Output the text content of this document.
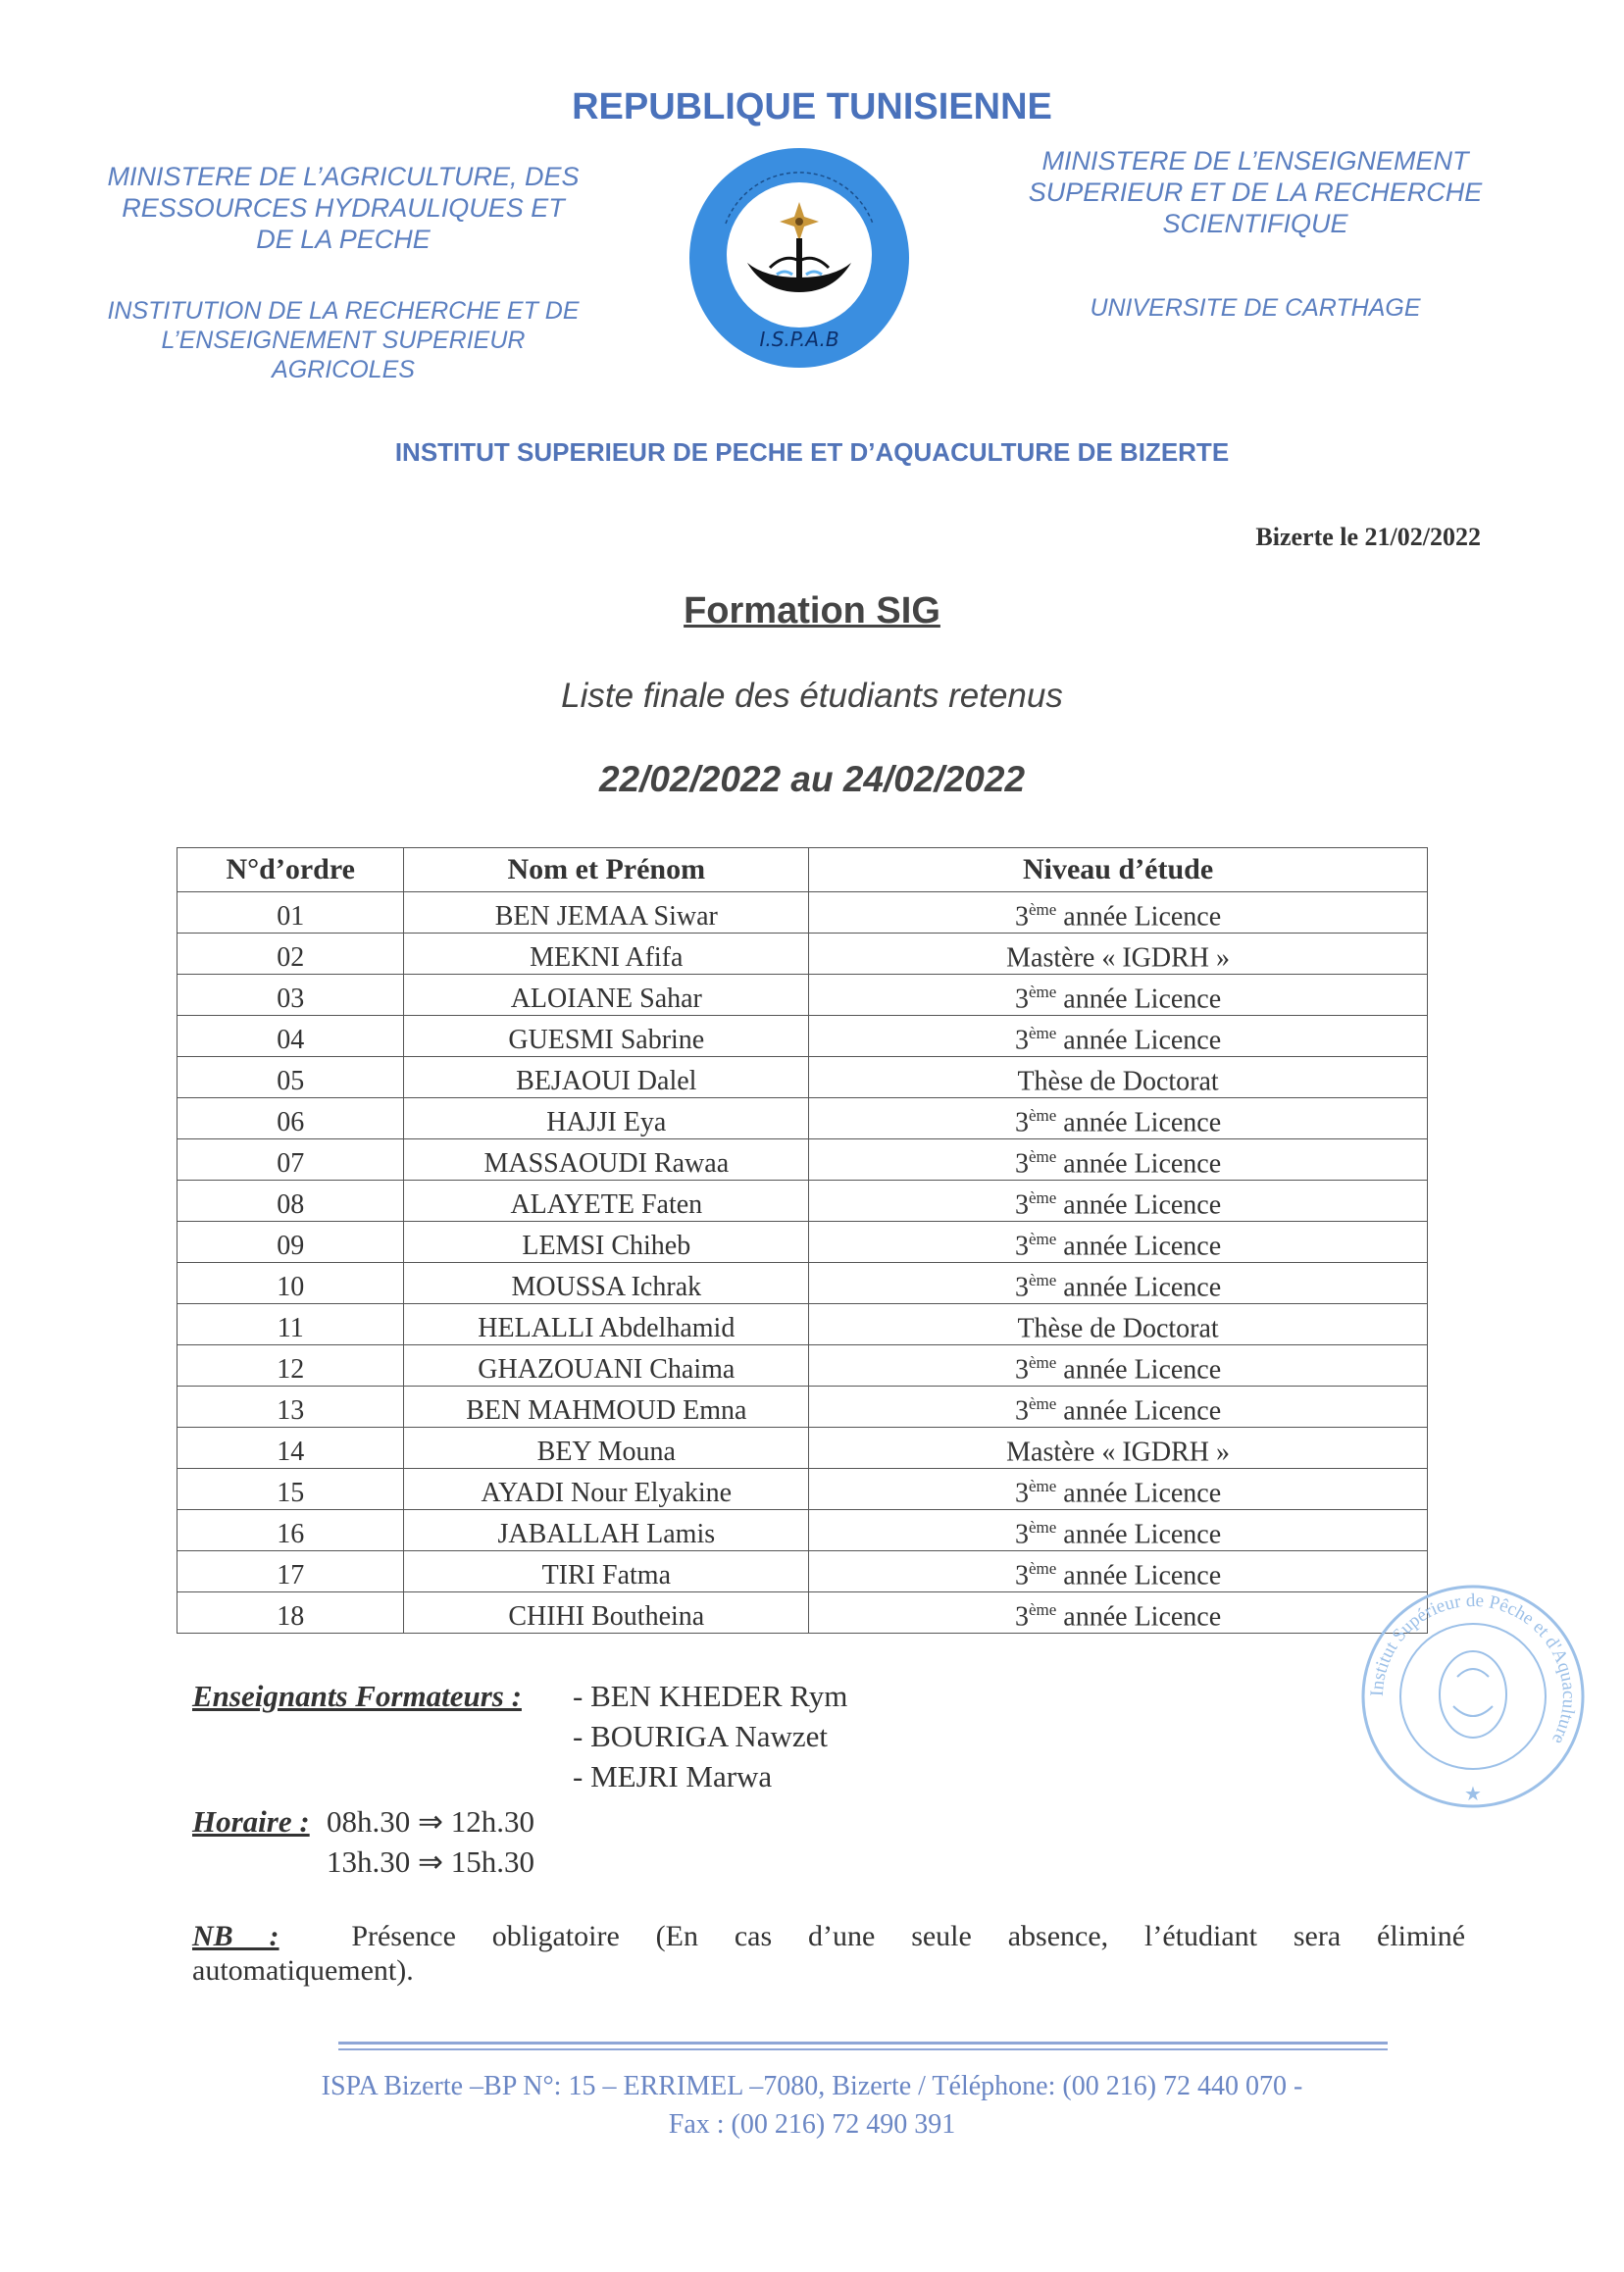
REPUBLIQUE TUNISIENNE
MINISTERE DE L’AGRICULTURE, DES
RESSOURCES HYDRAULIQUES ET
DE LA PECHE
INSTITUTION DE LA RECHERCHE ET DE
L’ENSEIGNEMENT SUPERIEUR
AGRICOLES
MINISTERE DE L’ENSEIGNEMENT
SUPERIEUR ET DE LA RECHERCHE
SCIENTIFIQUE
UNIVERSITE DE CARTHAGE
I.S.P.A.B
INSTITUT SUPERIEUR DE PECHE ET D’AQUACULTURE DE BIZERTE
Bizerte le 21/02/2022
Formation SIG
Liste finale des étudiants retenus
22/02/2022 au 24/02/2022
N°d’ordre	Nom et Prénom	Niveau d’étude
01	BEN JEMAA Siwar	3ème année Licence
02	MEKNI Afifa	Mastère « IGDRH »
03	ALOIANE Sahar	3ème année Licence
04	GUESMI Sabrine	3ème année Licence
05	BEJAOUI Dalel	Thèse de Doctorat
06	HAJJI Eya	3ème année Licence
07	MASSAOUDI Rawaa	3ème année Licence
08	ALAYETE Faten	3ème année Licence
09	LEMSI Chiheb	3ème année Licence
10	MOUSSA Ichrak	3ème année Licence
11	HELALLI Abdelhamid	Thèse de Doctorat
12	GHAZOUANI Chaima	3ème année Licence
13	BEN MAHMOUD Emna	3ème année Licence
14	BEY Mouna	Mastère « IGDRH »
15	AYADI Nour Elyakine	3ème année Licence
16	JABALLAH Lamis	3ème année Licence
17	TIRI Fatma	3ème année Licence
18	CHIHI Boutheina	3ème année Licence
Enseignants Formateurs : - BEN KHEDER Rym
- BOURIGA Nawzet
- MEJRI Marwa
Horaire : 08h.30 ⇒ 12h.30
13h.30 ⇒ 15h.30
NB : Présence obligatoire (En cas d’une seule absence, l’étudiant sera éliminé
automatiquement).
Institut Supérieur de Pêche et d'Aquaculture
★
ISPA Bizerte –BP N°: 15 – ERRIMEL –7080, Bizerte / Téléphone: (00 216) 72 440 070 -
Fax : (00 216) 72 490 391
